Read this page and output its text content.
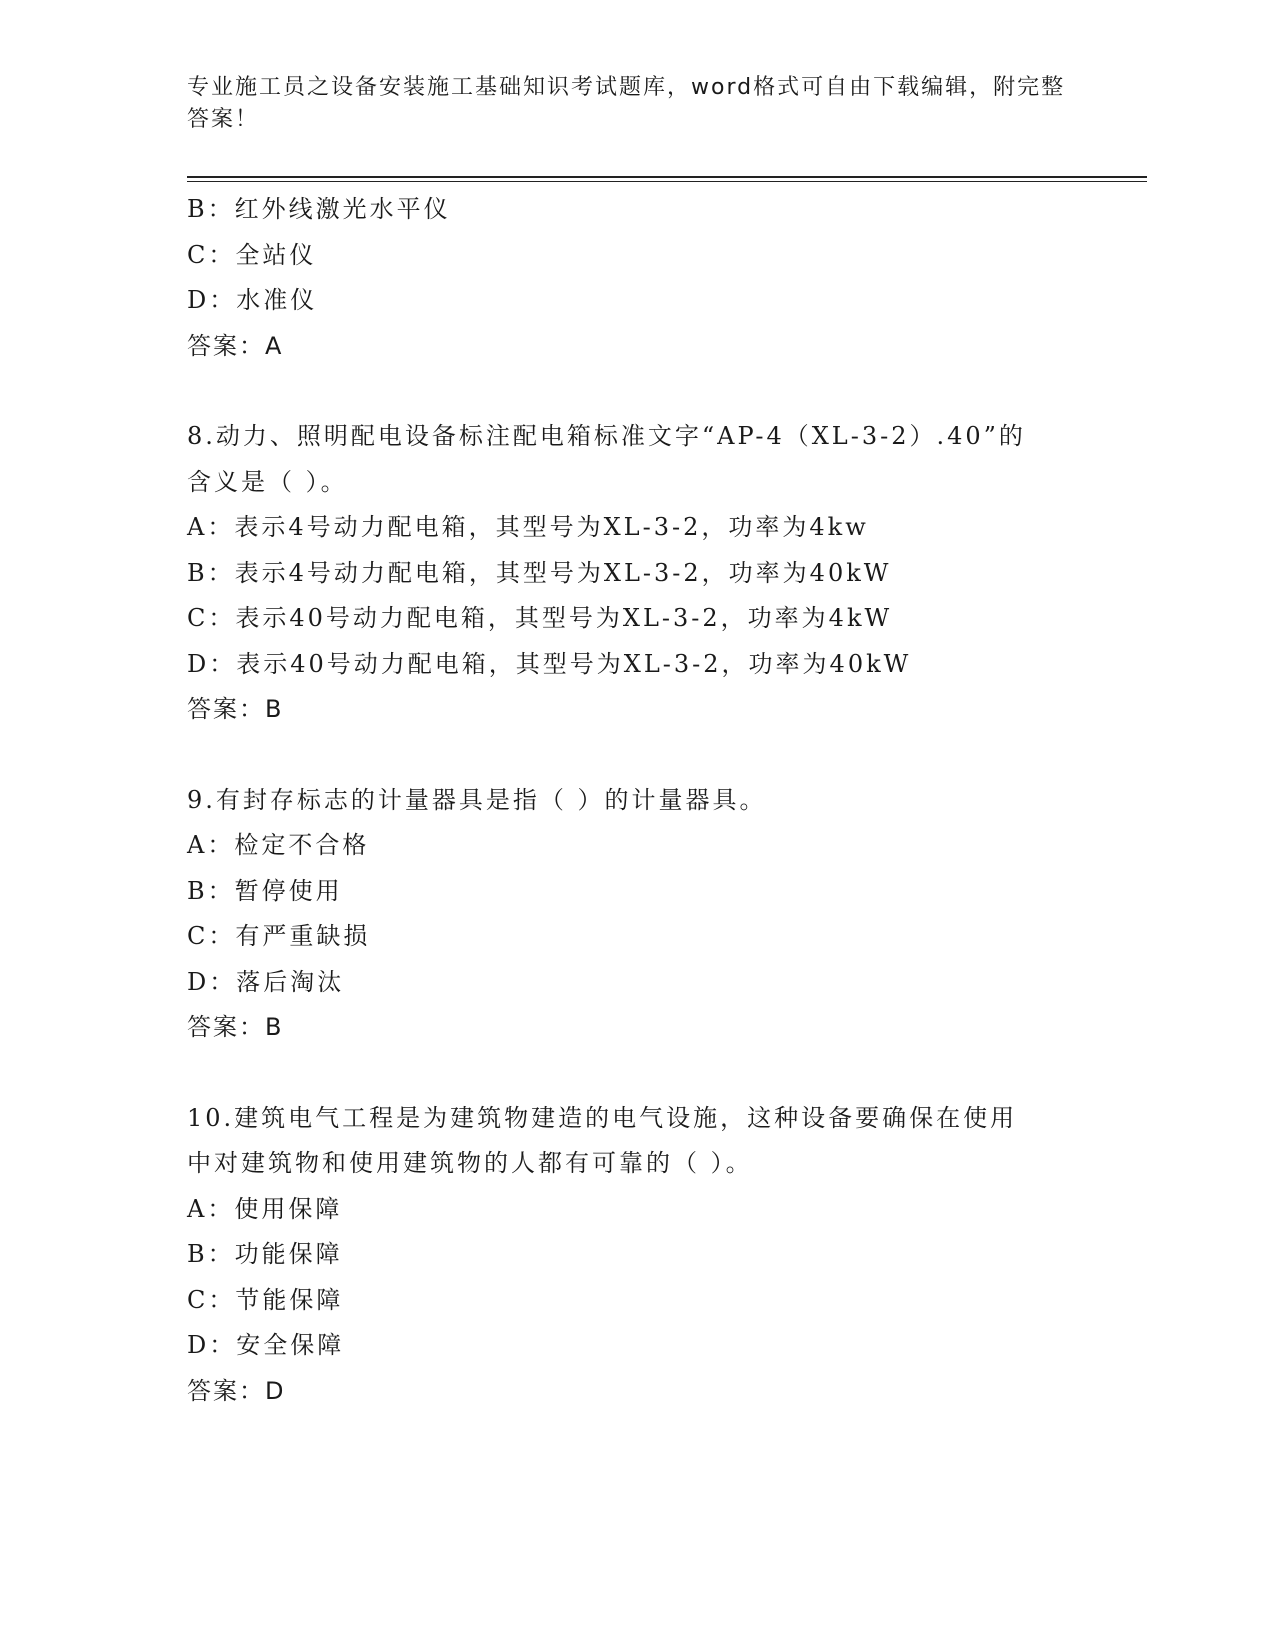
专业施工员之设备安装施工基础知识考试题库，word格式可自由下载编辑，附完整答案！
B：红外线激光水平仪
C：全站仪
D：水准仪
答案：A
8.动力、照明配电设备标注配电箱标准文字“AP-4（XL-3-2）.40”的
含义是（ ）。
A：表示4号动力配电箱，其型号为XL-3-2，功率为4kw
B：表示4号动力配电箱，其型号为XL-3-2，功率为40kW
C：表示40号动力配电箱，其型号为XL-3-2，功率为4kW
D：表示40号动力配电箱，其型号为XL-3-2，功率为40kW
答案：B
9.有封存标志的计量器具是指（ ）的计量器具。
A：检定不合格
B：暂停使用
C：有严重缺损
D：落后淘汰
答案：B
10.建筑电气工程是为建筑物建造的电气设施，这种设备要确保在使用
中对建筑物和使用建筑物的人都有可靠的（ ）。
A：使用保障
B：功能保障
C：节能保障
D：安全保障
答案：D
